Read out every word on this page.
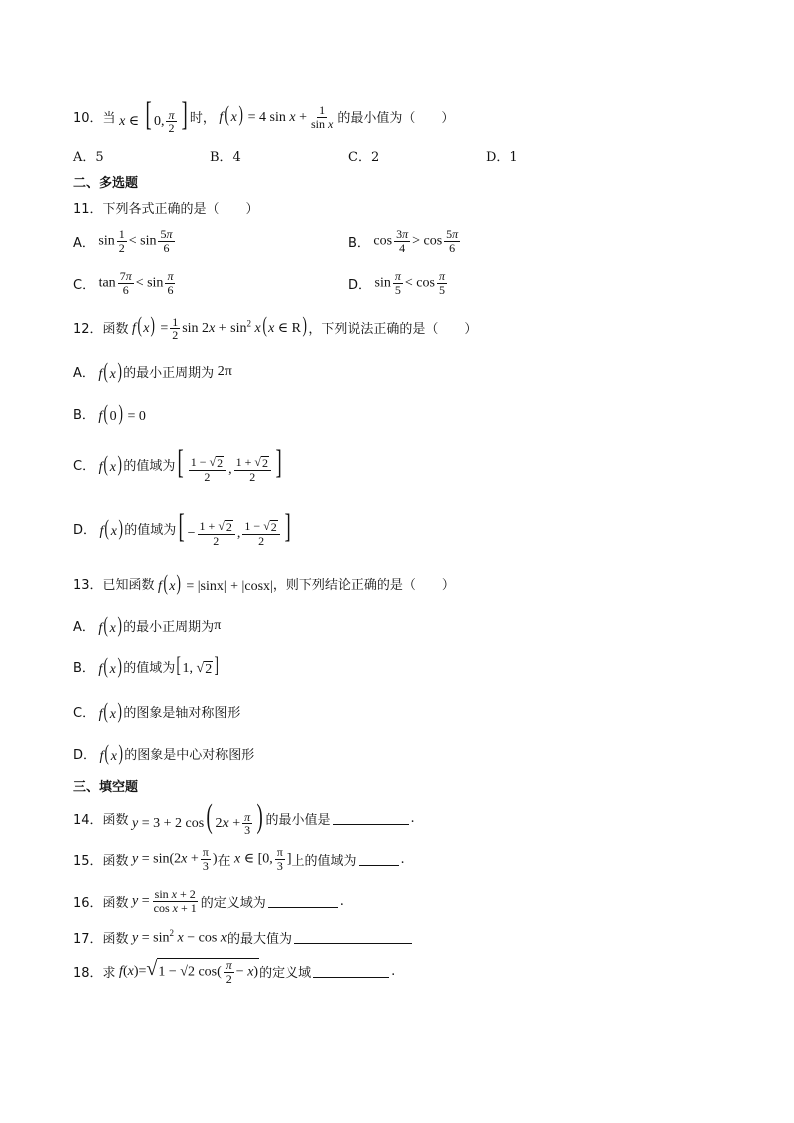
10． 当 x ∈ [ 0, $\frac{\pi}{2}$ ] 时， f(x) = 4 $\sin x + \frac{1}{\text{sin x}}$ 的最小值为（　　）
A．5	B．4	C．2	D．1
二、多选题
11．下列各式正确的是（　　）
A． $\sin \frac{1}{2} < \sin \frac{5\pi}{6}$	B． $\cos \frac{3\pi}{4} > \cos \frac{5\pi}{6}$
C． $\tan \frac{7\pi}{6} < \sin \frac{\pi}{6}$	D． $\sin \frac{\pi}{5} < \cos \frac{\pi}{5}$
12．函数 $f(x) = \frac{1}{2}$ $\sin 2x + \sin^2 x(x$ ∈ R) ，下列说法正确的是（　　）
A． f(x) 的最小正周期为 2π
B． f(0) = 0
C． f(x) 的值域为 [ $\frac{1 - √ 2}{2}$ , $\frac{1 + √ 2}{2}$ ]
D． f(x) 的值域为 [ − $\frac{1 + √ 2}{2}$ , $\frac{1 - √ 2}{2}$ ]
13．已知函数 f(x) = |sinx| + |cosx| ，则下列结论正确的是（　　）
A． f(x) 的最小正周期为 π
B． f(x) 的值域为 [1, √ 2 ]
C． f(x) 的图象是轴对称图形
D． f(x) 的图象是中心对称图形
三、填空题
14．函数 y = 3 + 2 cos( $2x + \frac{\pi}{3}$ ) 的最小值是	.
15．函数 $y = \sin(2x + \frac{\pi}{3}$ ) 在 x ∈ [0, $\frac{\pi}{3}$ ] 上的值域为	.
16．函数 $y = \frac{\text{sin x + 2}}{\text{cos x + 1}}$ 的定义域为	.
17．函数 $y = \sin^2 x - \cos x$ 的最大值为
18．求 f(x)= √ 1 − √2 $\cos( \frac{\pi}{2} - x)$ 的定义域	.
